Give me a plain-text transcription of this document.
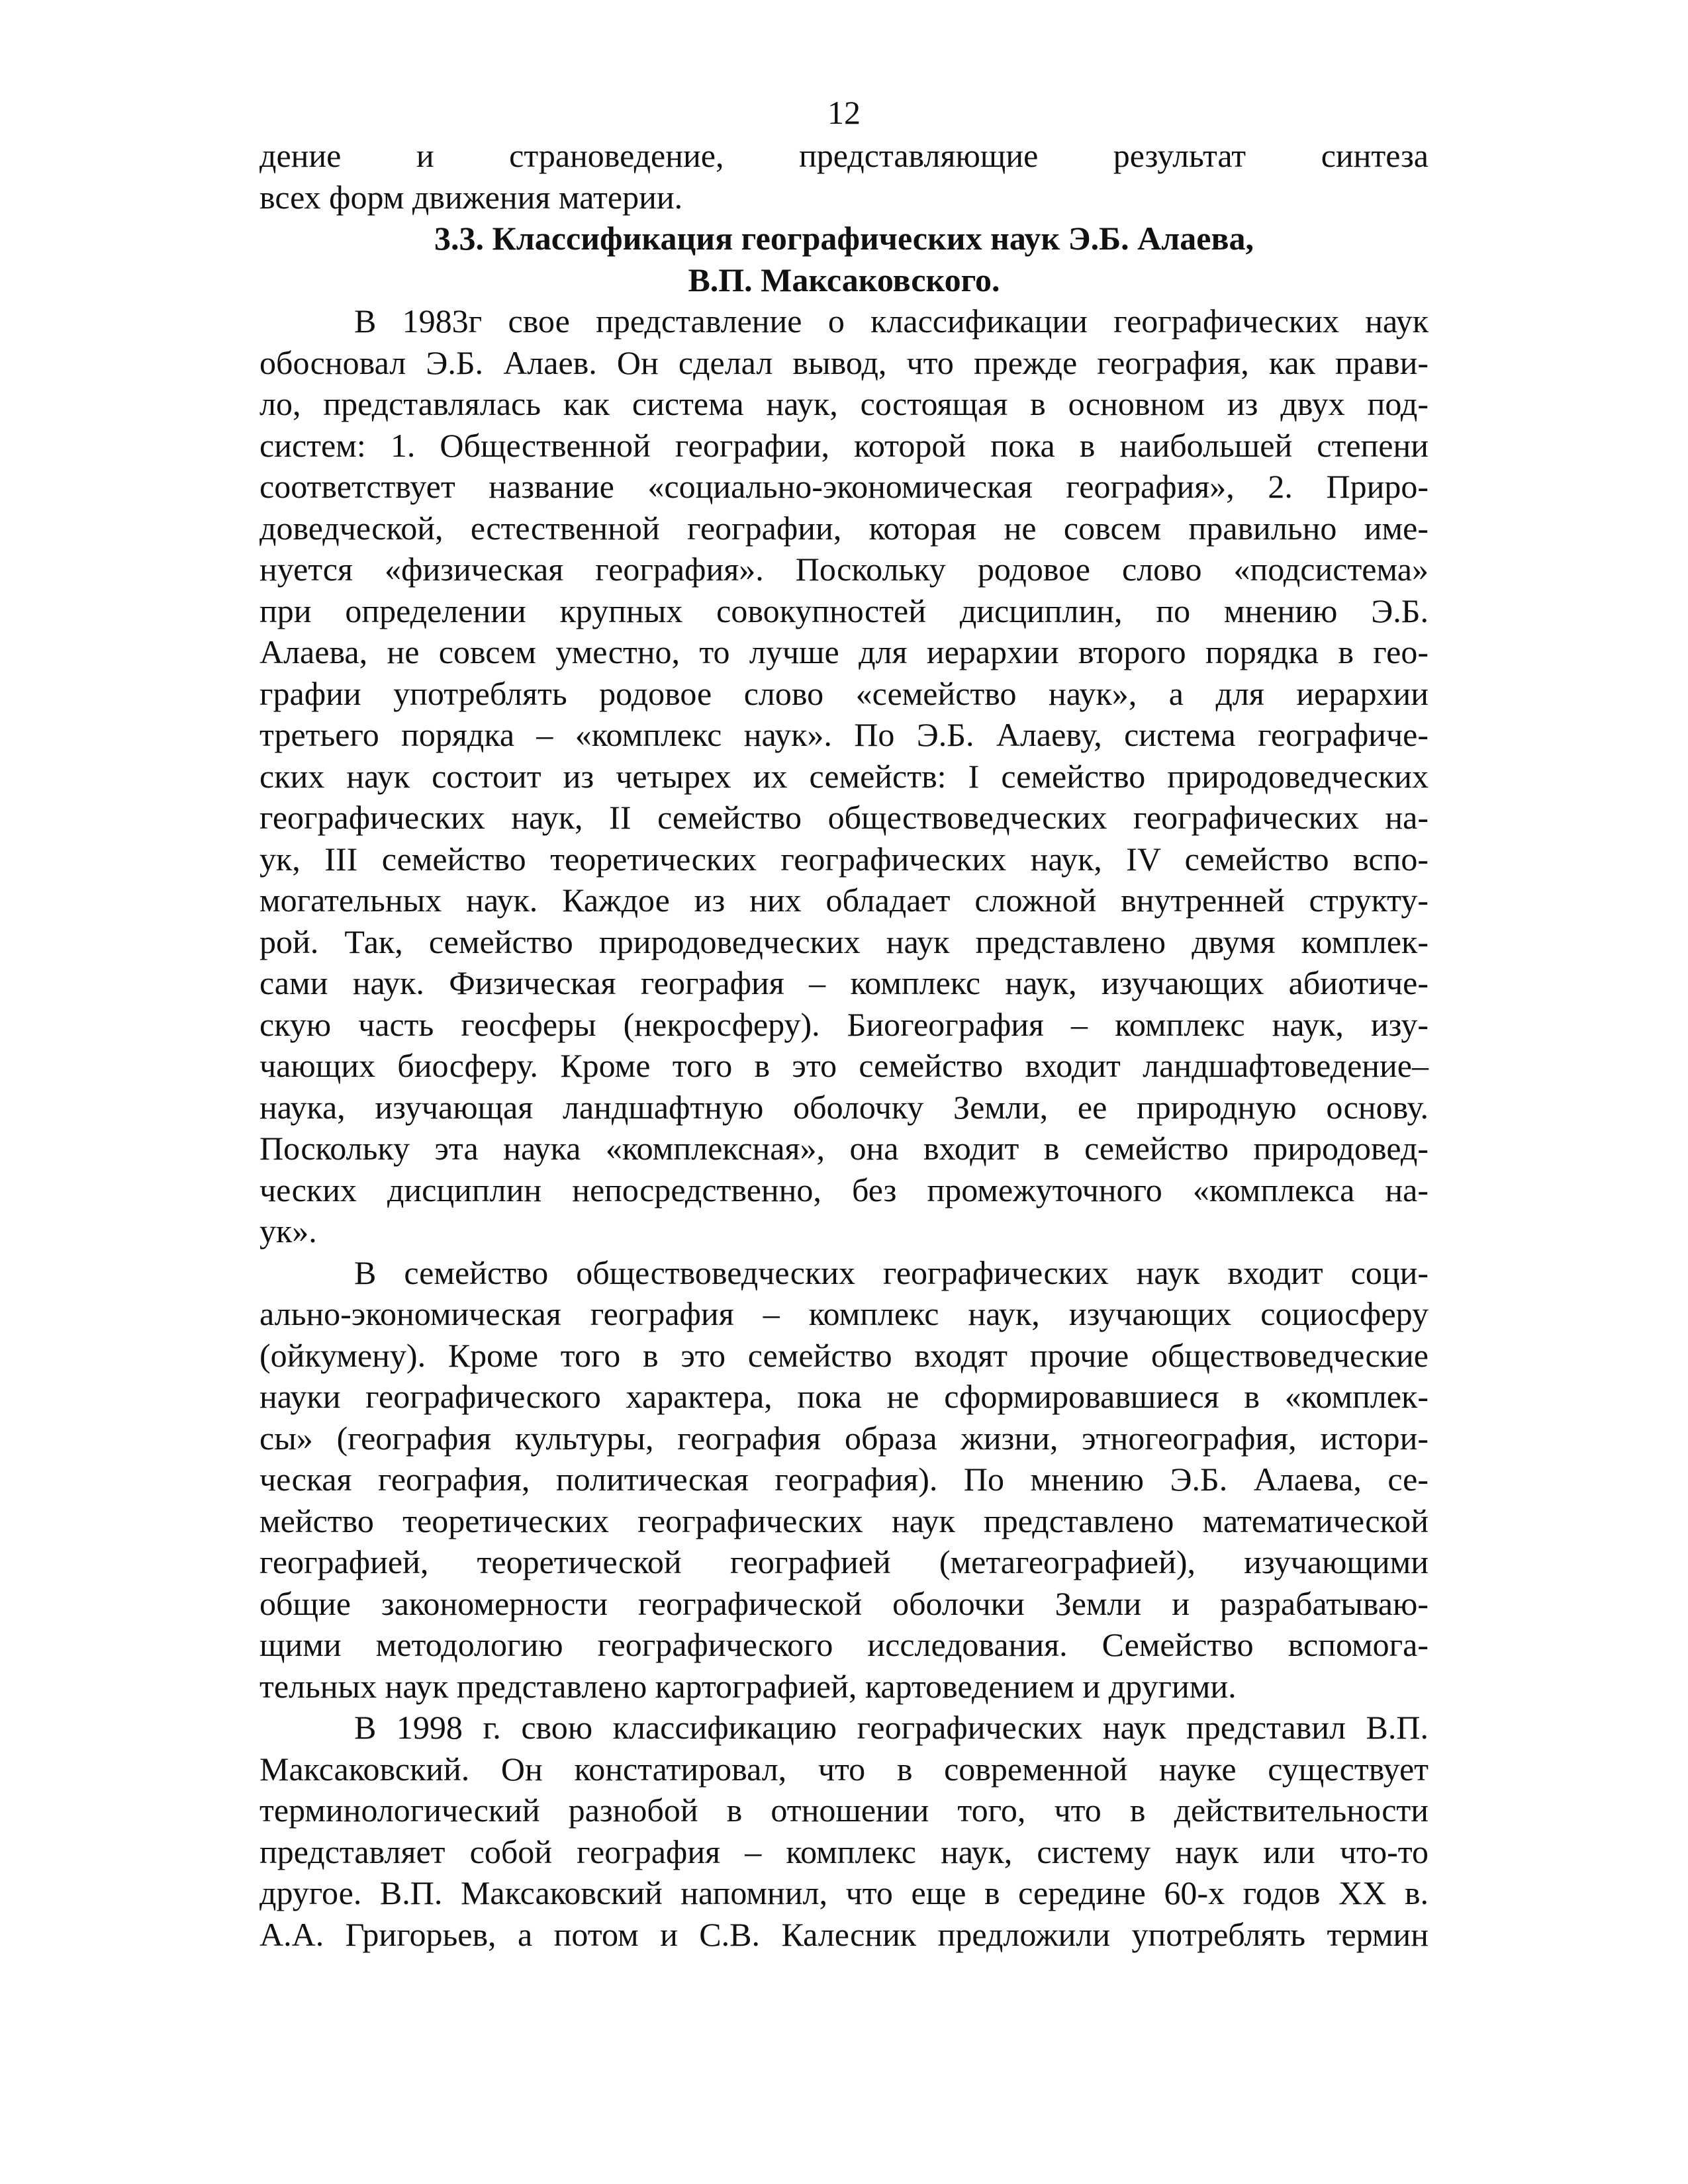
12
дение и страноведение, представляющие результат синтеза
всех форм движения материи.
3.3. Классификация географических наук Э.Б. Алаева,
В.П. Максаковского.
В 1983г свое представление о классификации географических наук
обосновал Э.Б. Алаев. Он сделал вывод, что прежде география, как прави-
ло, представлялась как система наук, состоящая в основном из двух под-
систем: 1. Общественной географии, которой пока в наибольшей степени
соответствует название «социально-экономическая география», 2. Приро-
доведческой, естественной географии, которая не совсем правильно име-
нуется «физическая география». Поскольку родовое слово «подсистема»
при определении крупных совокупностей дисциплин, по мнению Э.Б.
Алаева, не совсем уместно, то лучше для иерархии второго порядка в гео-
графии употреблять родовое слово «семейство наук», а для иерархии
третьего порядка – «комплекс наук». По Э.Б. Алаеву, система географиче-
ских наук состоит из четырех их семейств: I семейство природоведческих
географических наук, II семейство обществоведческих географических на-
ук, III семейство теоретических географических наук, IV семейство вспо-
могательных наук. Каждое из них обладает сложной внутренней структу-
рой. Так, семейство природоведческих наук представлено двумя комплек-
сами наук. Физическая география – комплекс наук, изучающих абиотиче-
скую часть геосферы (некросферу). Биогеография – комплекс наук, изу-
чающих биосферу. Кроме того в это семейство входит ландшафтоведение–
наука, изучающая ландшафтную оболочку Земли, ее природную основу.
Поскольку эта наука «комплексная», она входит в семейство природовед-
ческих дисциплин непосредственно, без промежуточного «комплекса на-
ук».
В семейство обществоведческих географических наук входит соци-
ально-экономическая география – комплекс наук, изучающих социосферу
(ойкумену). Кроме того в это семейство входят прочие обществоведческие
науки географического характера, пока не сформировавшиеся в «комплек-
сы» (география культуры, география образа жизни, этногеография, истори-
ческая география, политическая география). По мнению Э.Б. Алаева, се-
мейство теоретических географических наук представлено математической
географией, теоретической географией (метагеографией), изучающими
общие закономерности географической оболочки Земли и разрабатываю-
щими методологию географического исследования. Семейство вспомога-
тельных наук представлено картографией, картоведением и другими.
В 1998 г. свою классификацию географических наук представил В.П.
Максаковский. Он констатировал, что в современной науке существует
терминологический разнобой в отношении того, что в действительности
представляет собой география – комплекс наук, систему наук или что-то
другое. В.П. Максаковский напомнил, что еще в середине 60-х годов XX в.
А.А. Григорьев, а потом и С.В. Калесник предложили употреблять термин
